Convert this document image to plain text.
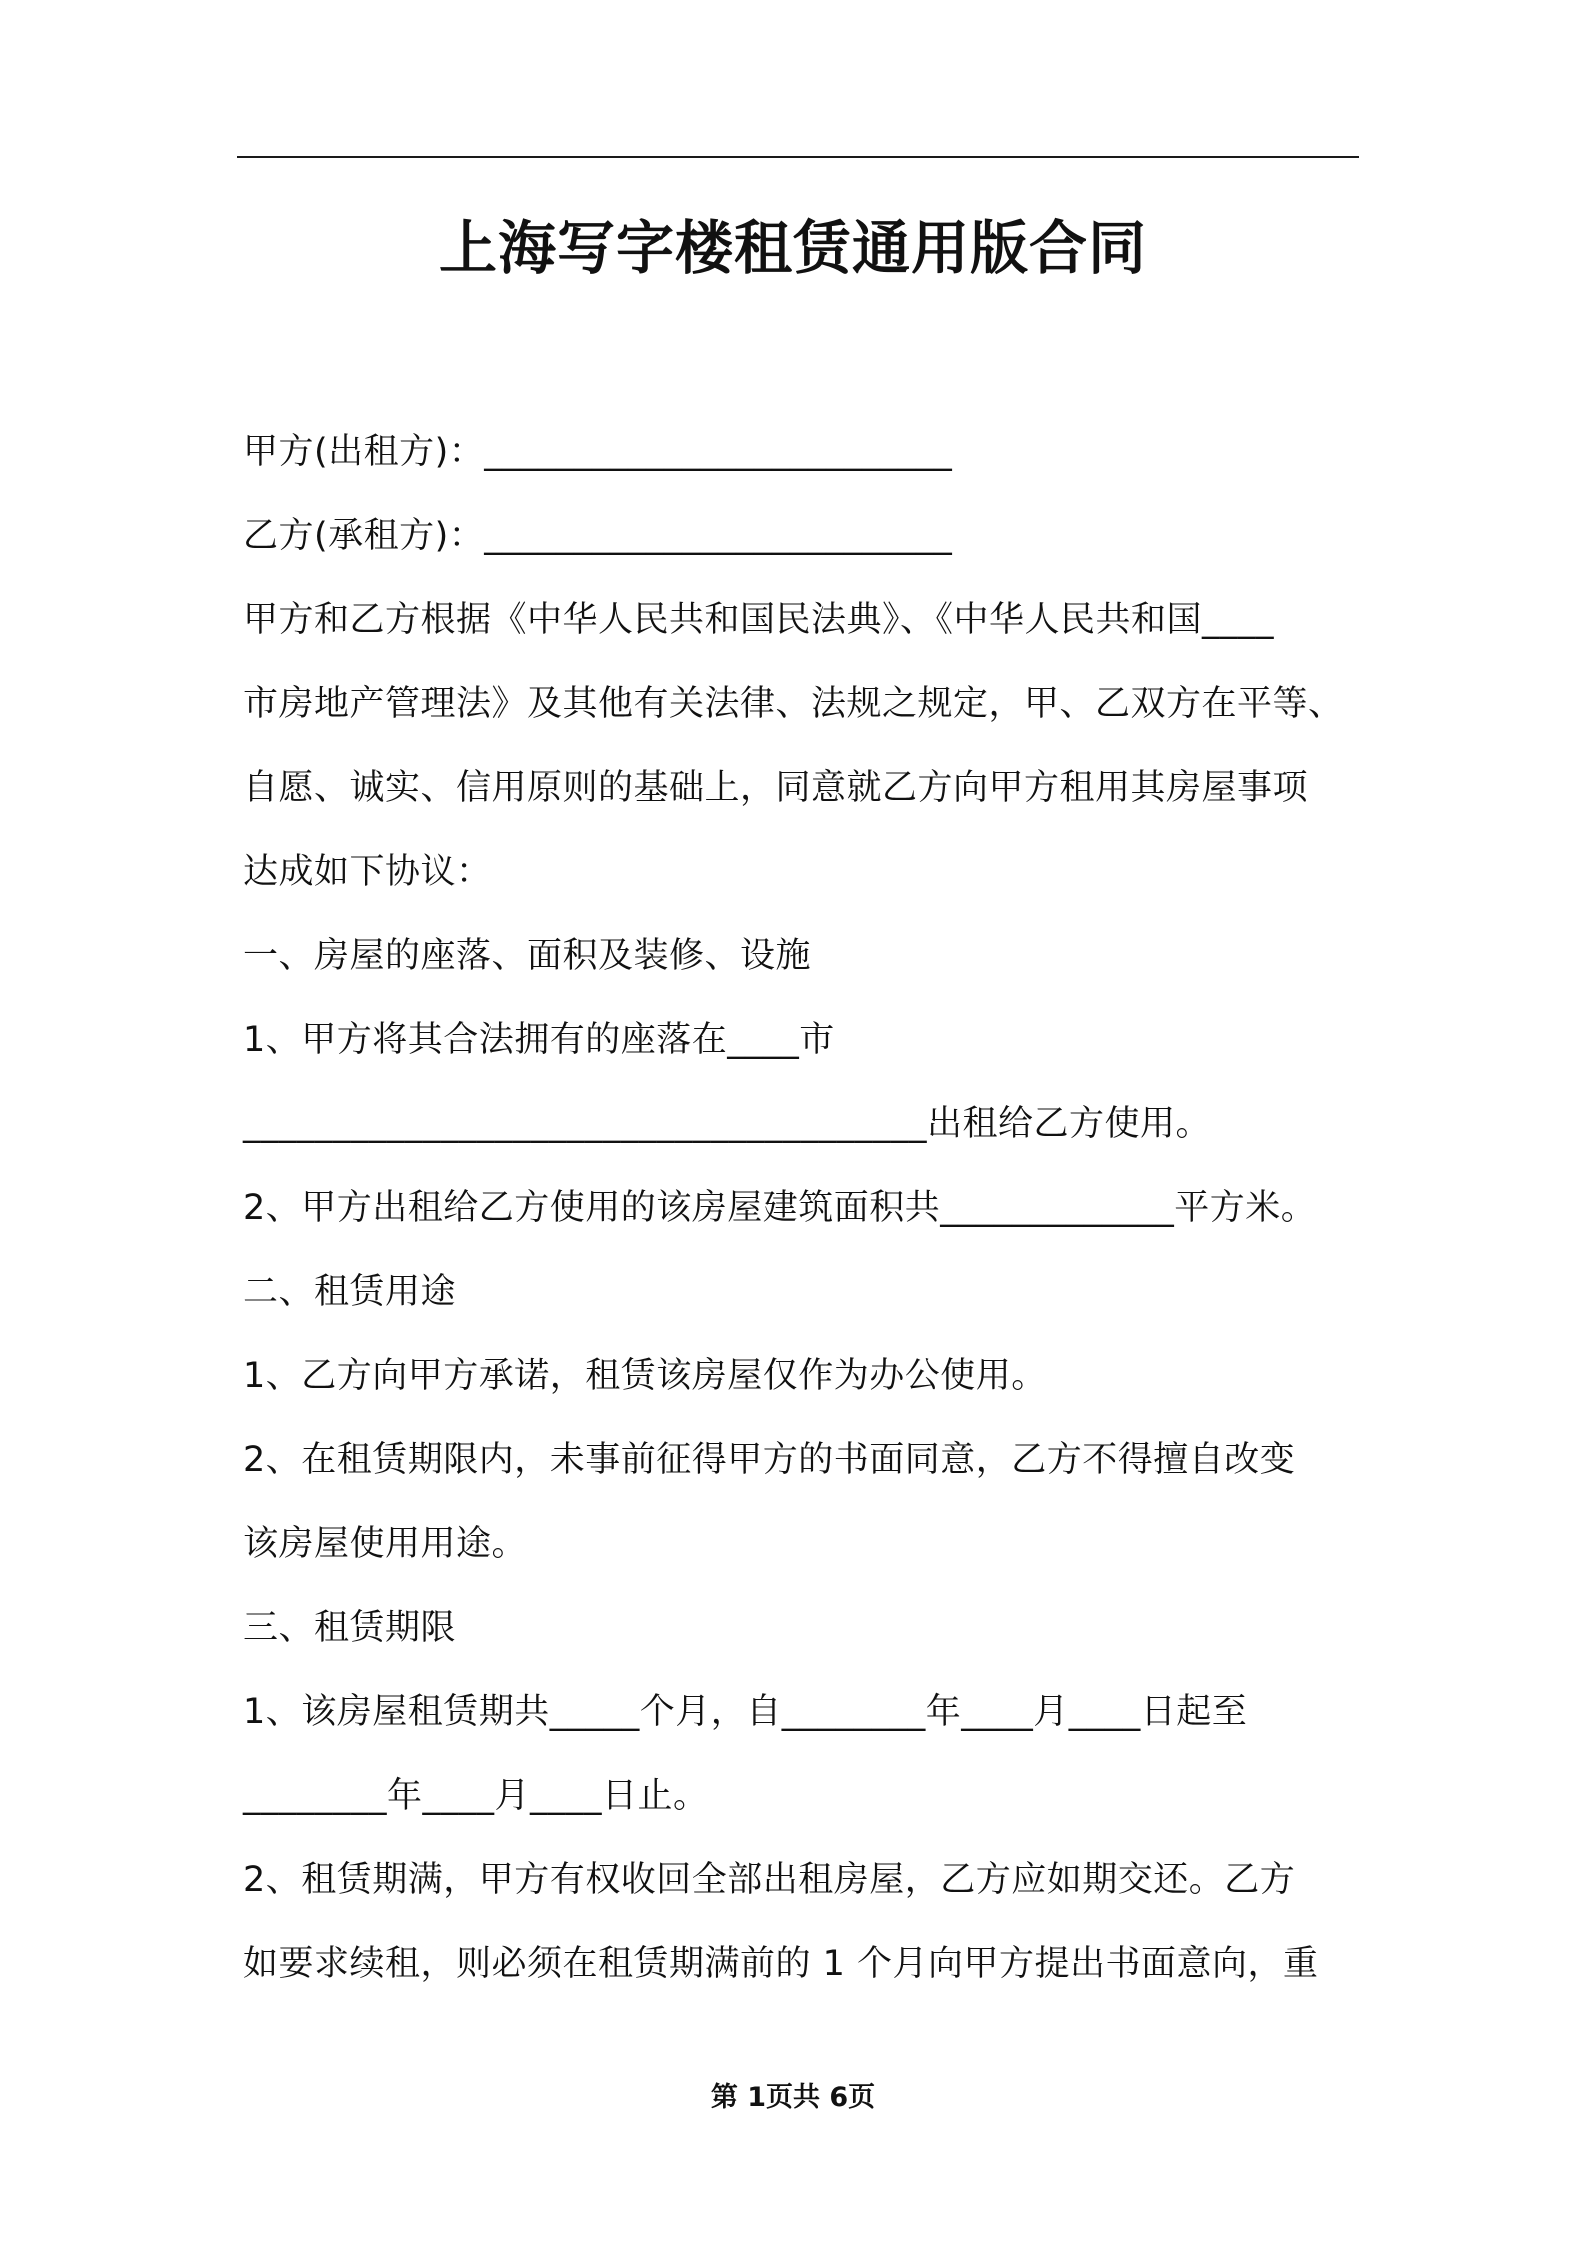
上海写字楼租赁通用版合同
甲方(出租方)：__________________________
乙方(承租方)：__________________________
甲方和乙方根据《中华人民共和国民法典》、《中华人民共和国____
市房地产管理法》及其他有关法律、法规之规定，甲、乙双方在平等、
自愿、诚实、信用原则的基础上，同意就乙方向甲方租用其房屋事项
达成如下协议：
一、房屋的座落、面积及装修、设施
1、甲方将其合法拥有的座落在____市
______________________________________出租给乙方使用。
2、甲方出租给乙方使用的该房屋建筑面积共_____________平方米。
二、租赁用途
1、乙方向甲方承诺，租赁该房屋仅作为办公使用。
2、在租赁期限内，未事前征得甲方的书面同意，乙方不得擅自改变
该房屋使用用途。
三、租赁期限
1、该房屋租赁期共_____个月，自________年____月____日起至
________年____月____日止。
2、租赁期满，甲方有权收回全部出租房屋，乙方应如期交还。乙方
如要求续租，则必须在租赁期满前的 1 个月向甲方提出书面意向，重
第 1页共 6页
